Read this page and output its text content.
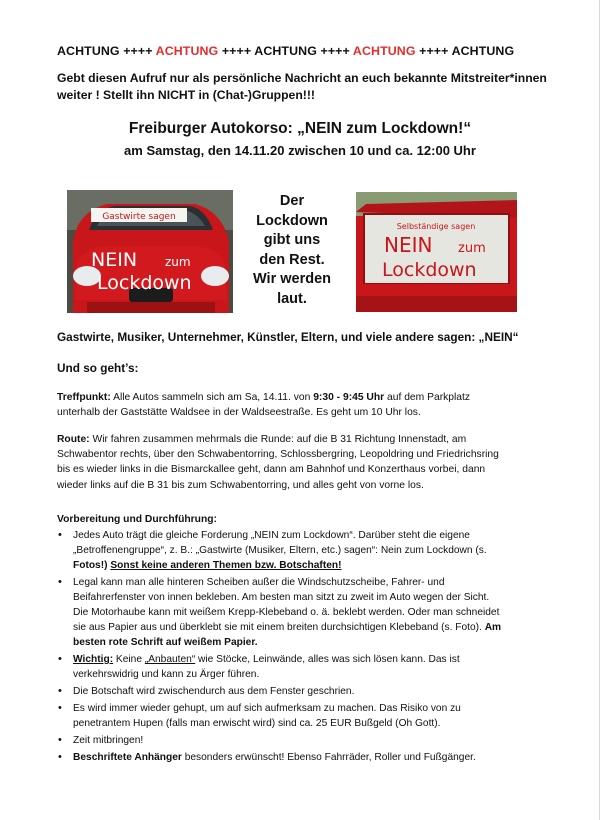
ACHTUNG ++++ ACHTUNG ++++ ACHTUNG ++++ ACHTUNG ++++ ACHTUNG

Gebt diesen Aufruf nur als persönliche Nachricht an euch bekannte Mitstreiter*innen
weiter ! Stellt ihn NICHT in (Chat-)Gruppen!!!

Freiburger Autokorso: „NEIN zum Lockdown!“

am Samstag, den 14.11.20 zwischen 10 und ca. 12:00 Uhr

Gastwirte sagen
NEIN zum
Lockdown
Der
Lockdown
gibt uns
den Rest.
Wir werden
laut.
Selbständige sagen
NEIN zum
Lockdown

Gastwirte, Musiker, Unternehmer, Künstler, Eltern, und viele andere sagen: „NEIN“

Und so geht’s:

Treffpunkt: Alle Autos sammeln sich am Sa, 14.11. von 9:30 - 9:45 Uhr auf dem Parkplatz
unterhalb der Gaststätte Waldsee in der Waldseestraße. Es geht um 10 Uhr los.
Route: Wir fahren zusammen mehrmals die Runde: auf die B 31 Richtung Innenstadt, am
Schwabentor rechts, über den Schwabentorring, Schlossbergring, Leopoldring und Friedrichsring
bis es wieder links in die Bismarckallee geht, dann am Bahnhof und Konzerthaus vorbei, dann
wieder links auf die B 31 bis zum Schwabentorring, und alles geht von vorne los.

Vorbereitung und Durchführung:

• Jedes Auto trägt die gleiche Forderung „NEIN zum Lockdown“. Darüber steht die eigene
„Betroffenengruppe“, z. B.: „Gastwirte (Musiker, Eltern, etc.) sagen“: Nein zum Lockdown (s.
Fotos!) Sonst keine anderen Themen bzw. Botschaften!
• Legal kann man alle hinteren Scheiben außer die Windschutzscheibe, Fahrer- und
Beifahrerfenster von innen bekleben. Am besten man sitzt zu zweit im Auto wegen der Sicht.
Die Motorhaube kann mit weißem Krepp-Klebeband o. ä. beklebt werden. Oder man schneidet
sie aus Papier aus und überklebt sie mit einem breiten durchsichtigen Klebeband (s. Foto). Am
besten rote Schrift auf weißem Papier.
• Wichtig: Keine „Anbauten“ wie Stöcke, Leinwände, alles was sich lösen kann. Das ist
verkehrswidrig und kann zu Ärger führen.
• Die Botschaft wird zwischendurch aus dem Fenster geschrien.
• Es wird immer wieder gehupt, um auf sich aufmerksam zu machen. Das Risiko von zu
penetrantem Hupen (falls man erwischt wird) sind ca. 25 EUR Bußgeld (Oh Gott).
• Zeit mitbringen!
• Beschriftete Anhänger besonders erwünscht! Ebenso Fahrräder, Roller und Fußgänger.
